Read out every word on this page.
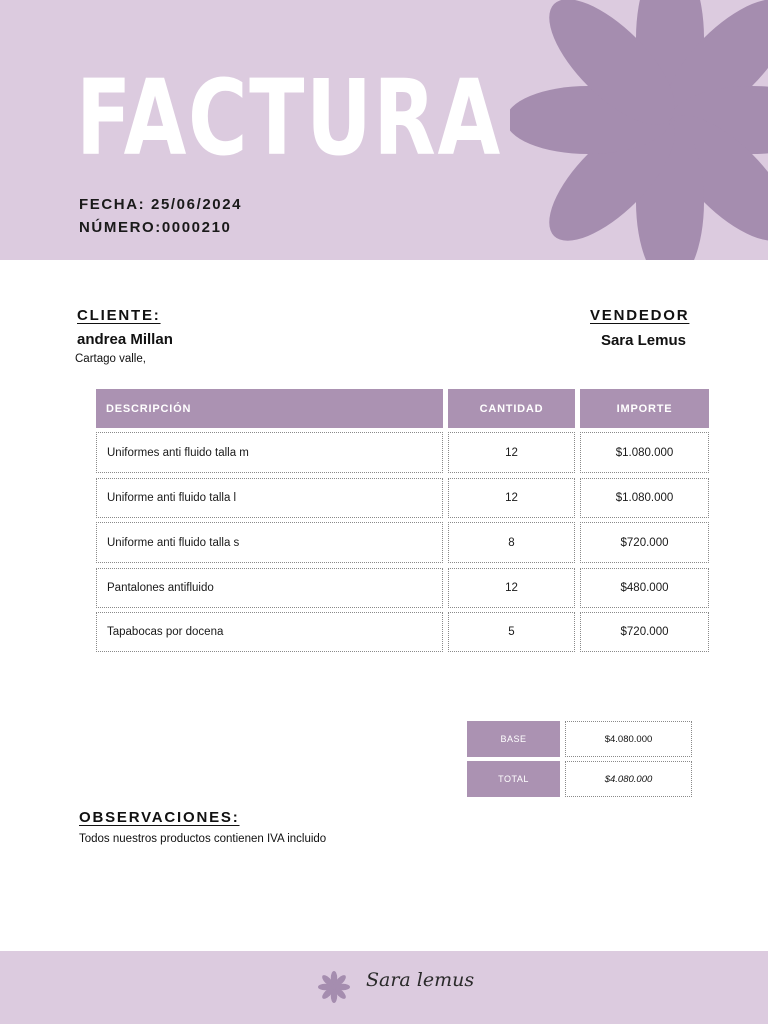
FACTURA
FECHA: 25/06/2024
NÚMERO:0000210
CLIENTE:
andrea Millan
Cartago valle,
VENDEDOR
Sara Lemus
DESCRIPCIÓN	CANTIDAD	IMPORTE
Uniformes anti fluido talla m	12	$1.080.000
Uniforme anti fluido talla l	12	$1.080.000
Uniforme anti fluido talla s	8	$720.000
Pantalones antifluido	12	$480.000
Tapabocas por docena	5	$720.000
BASE	$4.080.000
TOTAL	$4.080.000
OBSERVACIONES:
Todos nuestros productos contienen IVA incluido
Sara lemus
